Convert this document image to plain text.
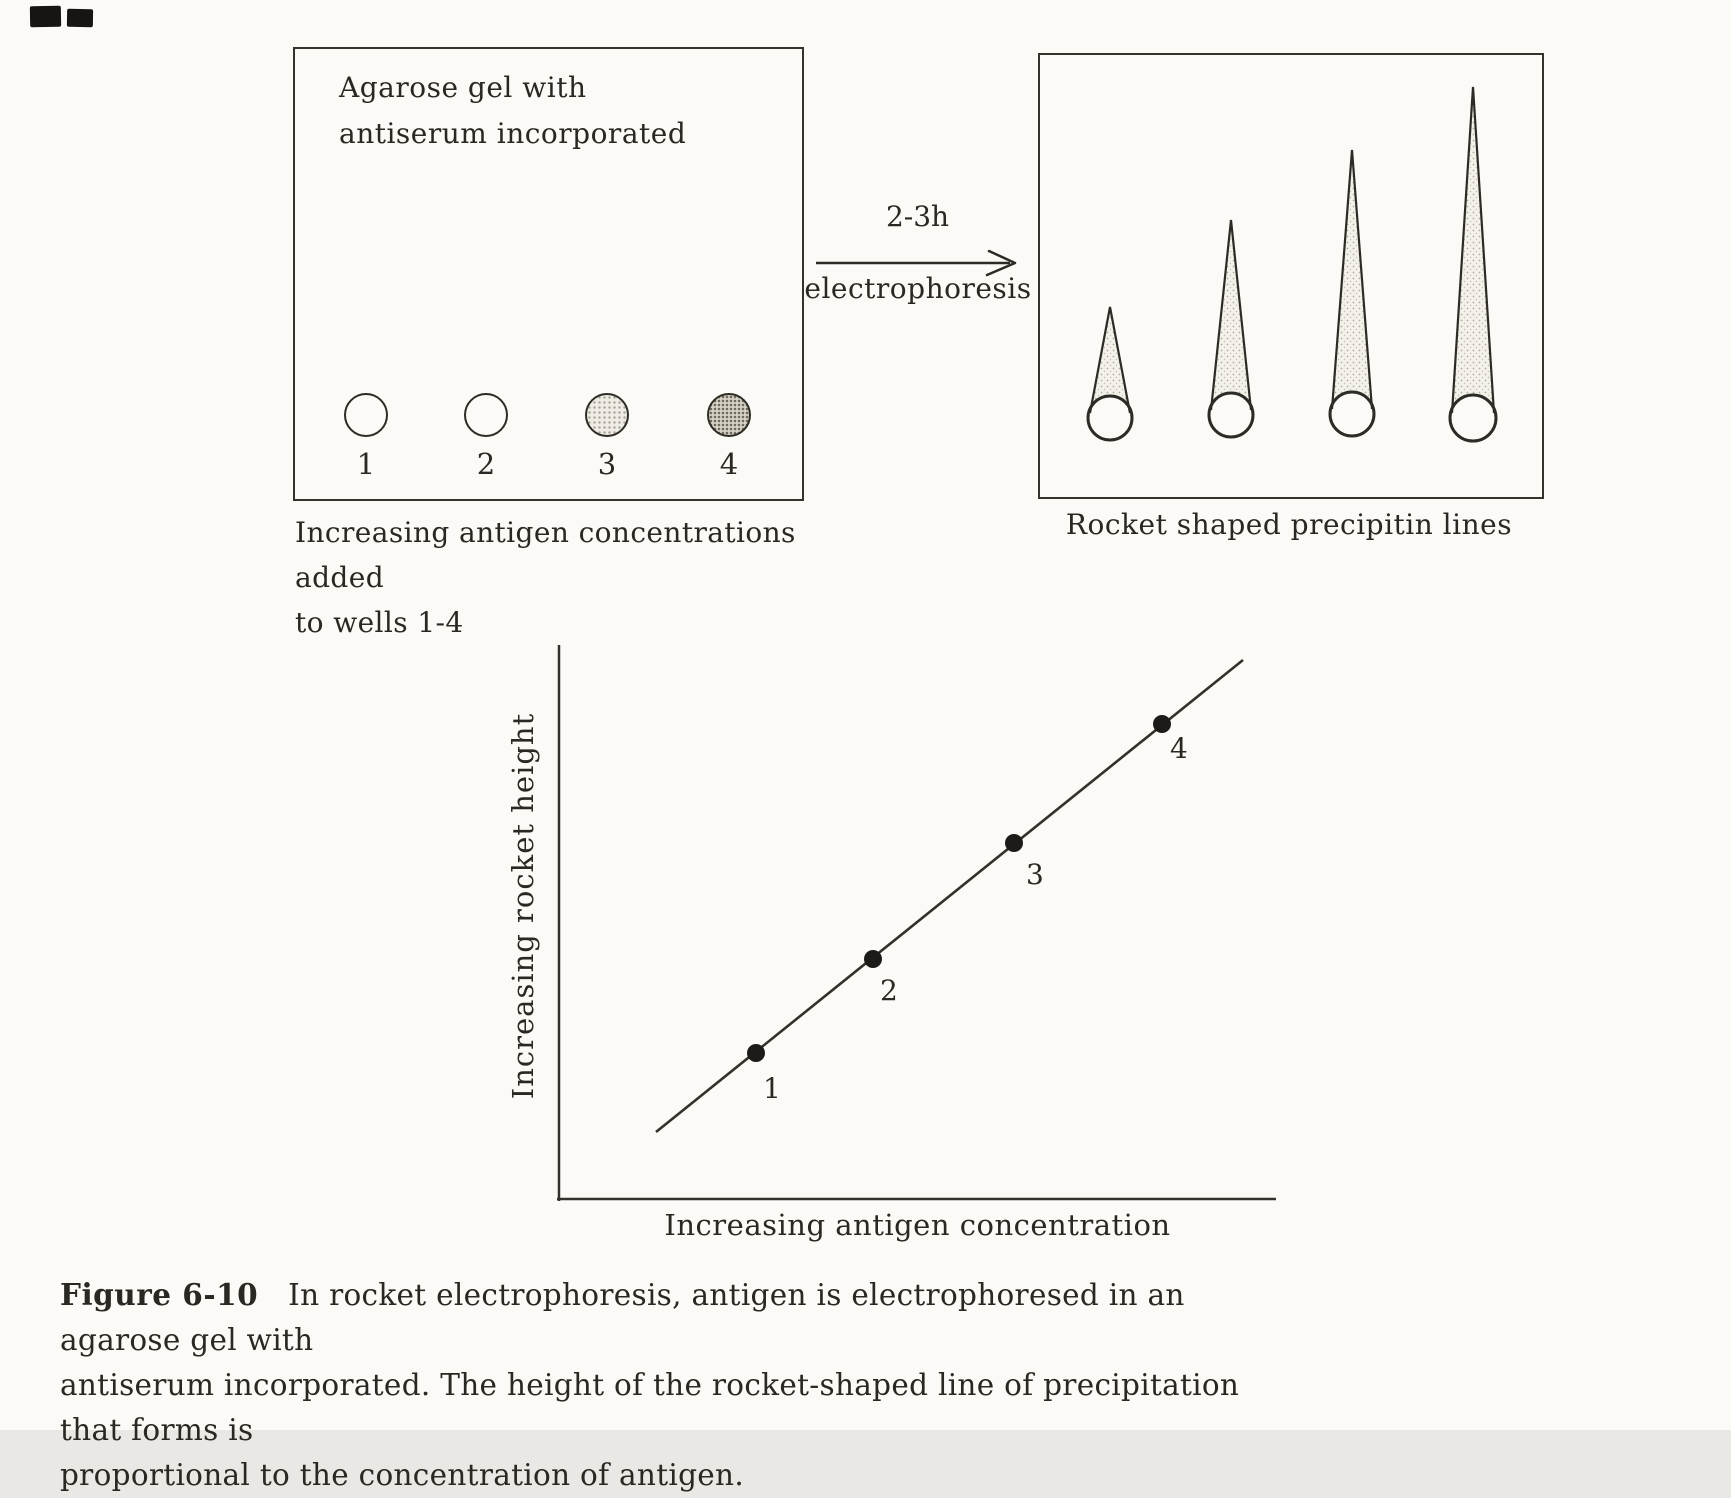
Agarose gel with antiserum incorporated
1	2	3	4
Increasing antigen concentrations added
to wells 1-4
2-3h
electrophoresis
Rocket shaped precipitin lines
1
2
3
4
Increasing rocket height
Increasing antigen concentration
Figure 6-10 In rocket electrophoresis, antigen is electrophoresed in an agarose gel with
antiserum incorporated. The height of the rocket-shaped line of precipitation that forms is
proportional to the concentration of antigen.
